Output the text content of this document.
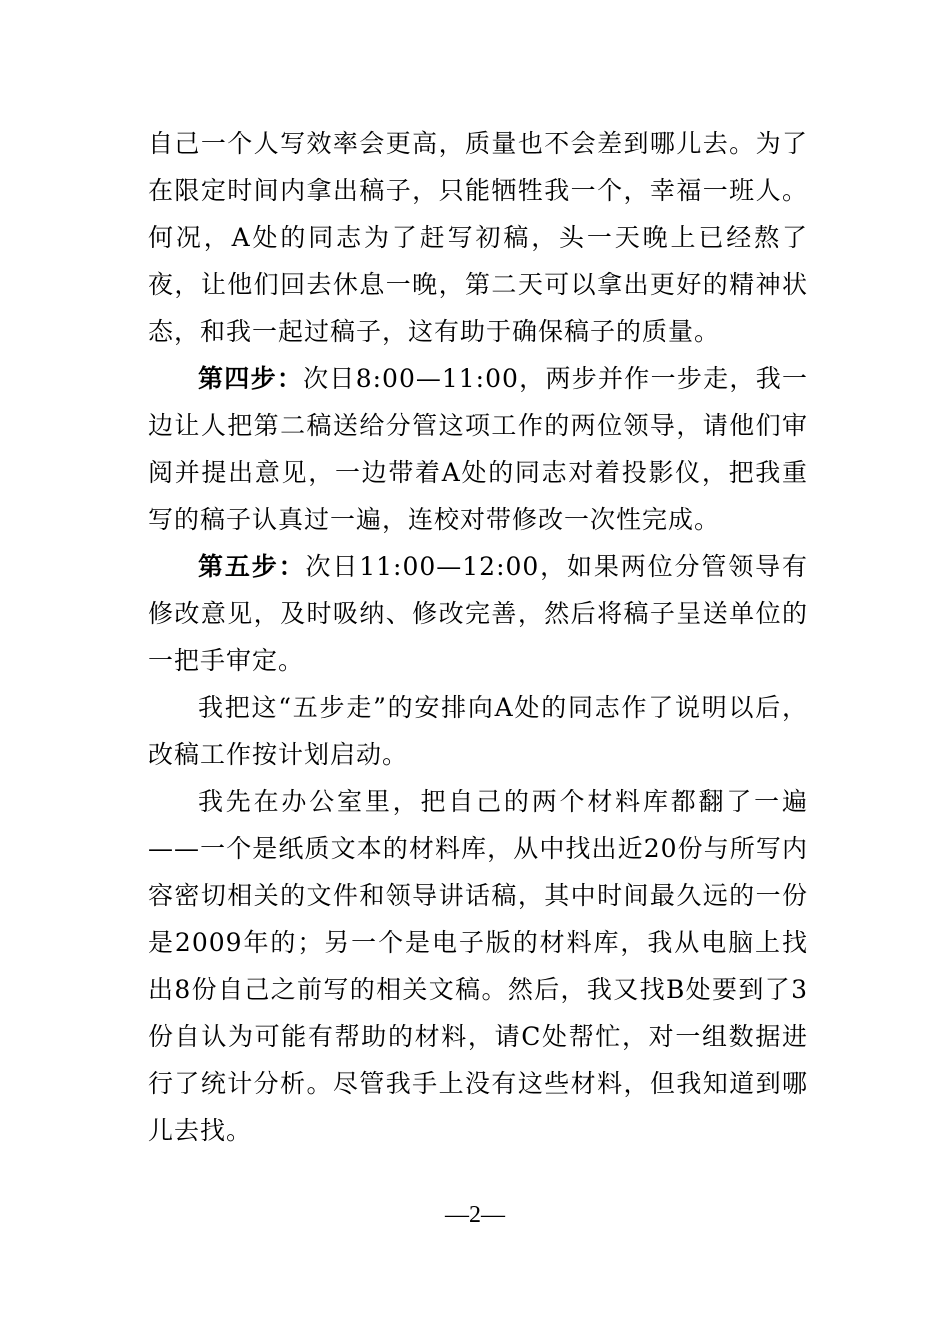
自己一个人写效率会更高，质量也不会差到哪儿去。为了在限定时间内拿出稿子，只能牺牲我一个，幸福一班人。何况，A处的同志为了赶写初稿，头一天晚上已经熬了夜，让他们回去休息一晚，第二天可以拿出更好的精神状态，和我一起过稿子，这有助于确保稿子的质量。

第四步：次日8:00—11:00，两步并作一步走，我一边让人把第二稿送给分管这项工作的两位领导，请他们审阅并提出意见，一边带着A处的同志对着投影仪，把我重写的稿子认真过一遍，连校对带修改一次性完成。

第五步：次日11:00—12:00，如果两位分管领导有修改意见，及时吸纳、修改完善，然后将稿子呈送单位的一把手审定。

我把这“五步走”的安排向A处的同志作了说明以后，改稿工作按计划启动。

我先在办公室里，把自己的两个材料库都翻了一遍——一个是纸质文本的材料库，从中找出近20份与所写内容密切相关的文件和领导讲话稿，其中时间最久远的一份是2009年的；另一个是电子版的材料库，我从电脑上找出8份自己之前写的相关文稿。然后，我又找B处要到了3份自认为可能有帮助的材料，请C处帮忙，对一组数据进行了统计分析。尽管我手上没有这些材料，但我知道到哪儿去找。

—2—
